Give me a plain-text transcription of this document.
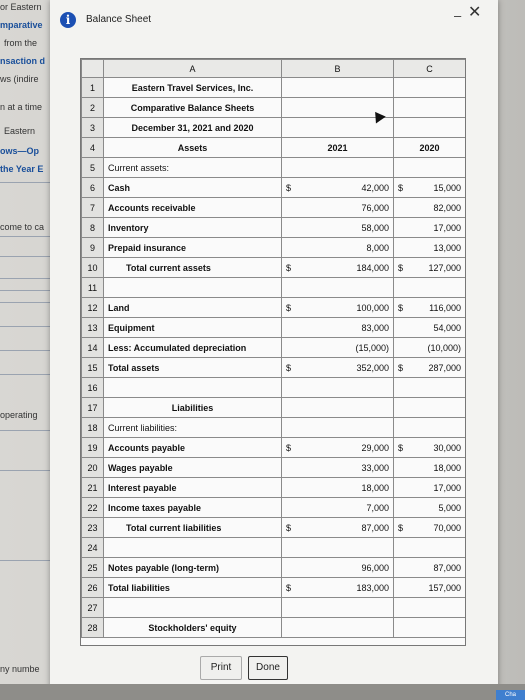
or Eastern
mparative
from the
nsaction d
ws (indire
n at a time
Eastern
ows—Op
the Year E
come to ca
operating
ny numbe
i	Balance Sheet	– ✕
	A	B	C
1	Eastern Travel Services, Inc.		
2	Comparative Balance Sheets		
3	December 31, 2021 and 2020		
4	Assets	2021	2020
5	Current assets:		
6	Cash	$ 42,000	$ 15,000
7	Accounts receivable	76,000	82,000
8	Inventory	58,000	17,000
9	Prepaid insurance	8,000	13,000
10	Total current assets	$ 184,000	$ 127,000
11			
12	Land	$ 100,000	$ 116,000
13	Equipment	83,000	54,000
14	Less: Accumulated depreciation	(15,000)	(10,000)
15	Total assets	$ 352,000	$ 287,000
16			
17	Liabilities		
18	Current liabilities:		
19	Accounts payable	$ 29,000	$ 30,000
20	Wages payable	33,000	18,000
21	Interest payable	18,000	17,000
22	Income taxes payable	7,000	5,000
23	Total current liabilities	$ 87,000	$ 70,000
24			
25	Notes payable (long-term)	96,000	87,000
26	Total liabilities	$ 183,000	157,000
27			
28	Stockholders' equity		
Print	Done
Cha
